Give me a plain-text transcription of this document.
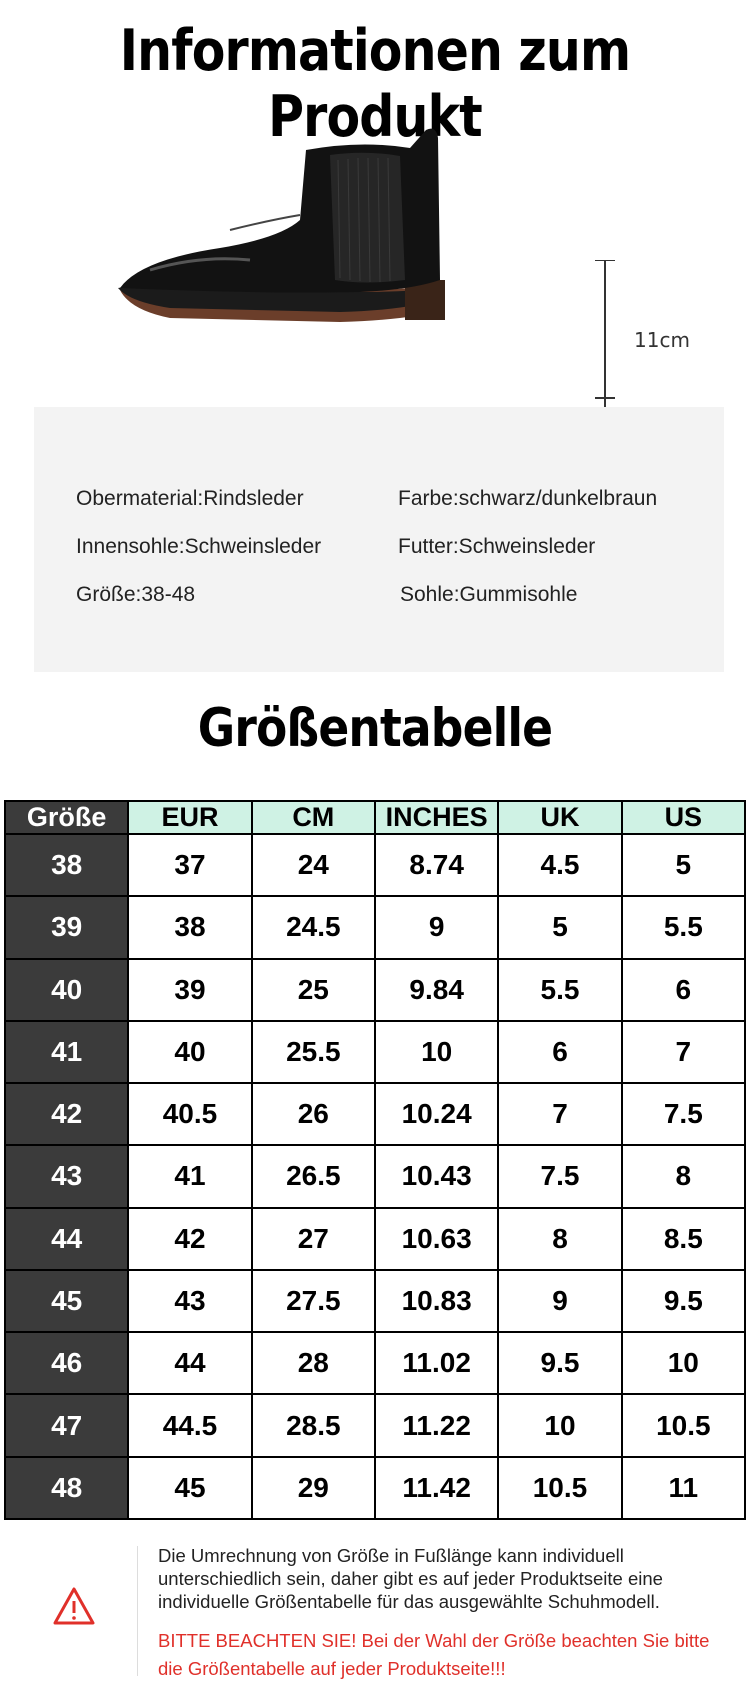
Informationen zum Produkt
11cm
Obermaterial:Rindsleder	Farbe:schwarz/dunkelbraun
Innensohle:Schweinsleder	Futter:Schweinsleder
Größe:38-48	Sohle:Gummisohle
Größentabelle
Größe	EUR	CM	INCHES	UK	US
38	37	24	8.74	4.5	5
39	38	24.5	9	5	5.5
40	39	25	9.84	5.5	6
41	40	25.5	10	6	7
42	40.5	26	10.24	7	7.5
43	41	26.5	10.43	7.5	8
44	42	27	10.63	8	8.5
45	43	27.5	10.83	9	9.5
46	44	28	11.02	9.5	10
47	44.5	28.5	11.22	10	10.5
48	45	29	11.42	10.5	11
Die Umrechnung von Größe in Fußlänge kann individuell unterschiedlich sein, daher gibt es auf jeder Produktseite eine individuelle Größentabelle für das ausgewählte Schuhmodell.
BITTE BEACHTEN SIE! Bei der Wahl der Größe beachten Sie bitte die Größentabelle auf jeder Produktseite!!!
